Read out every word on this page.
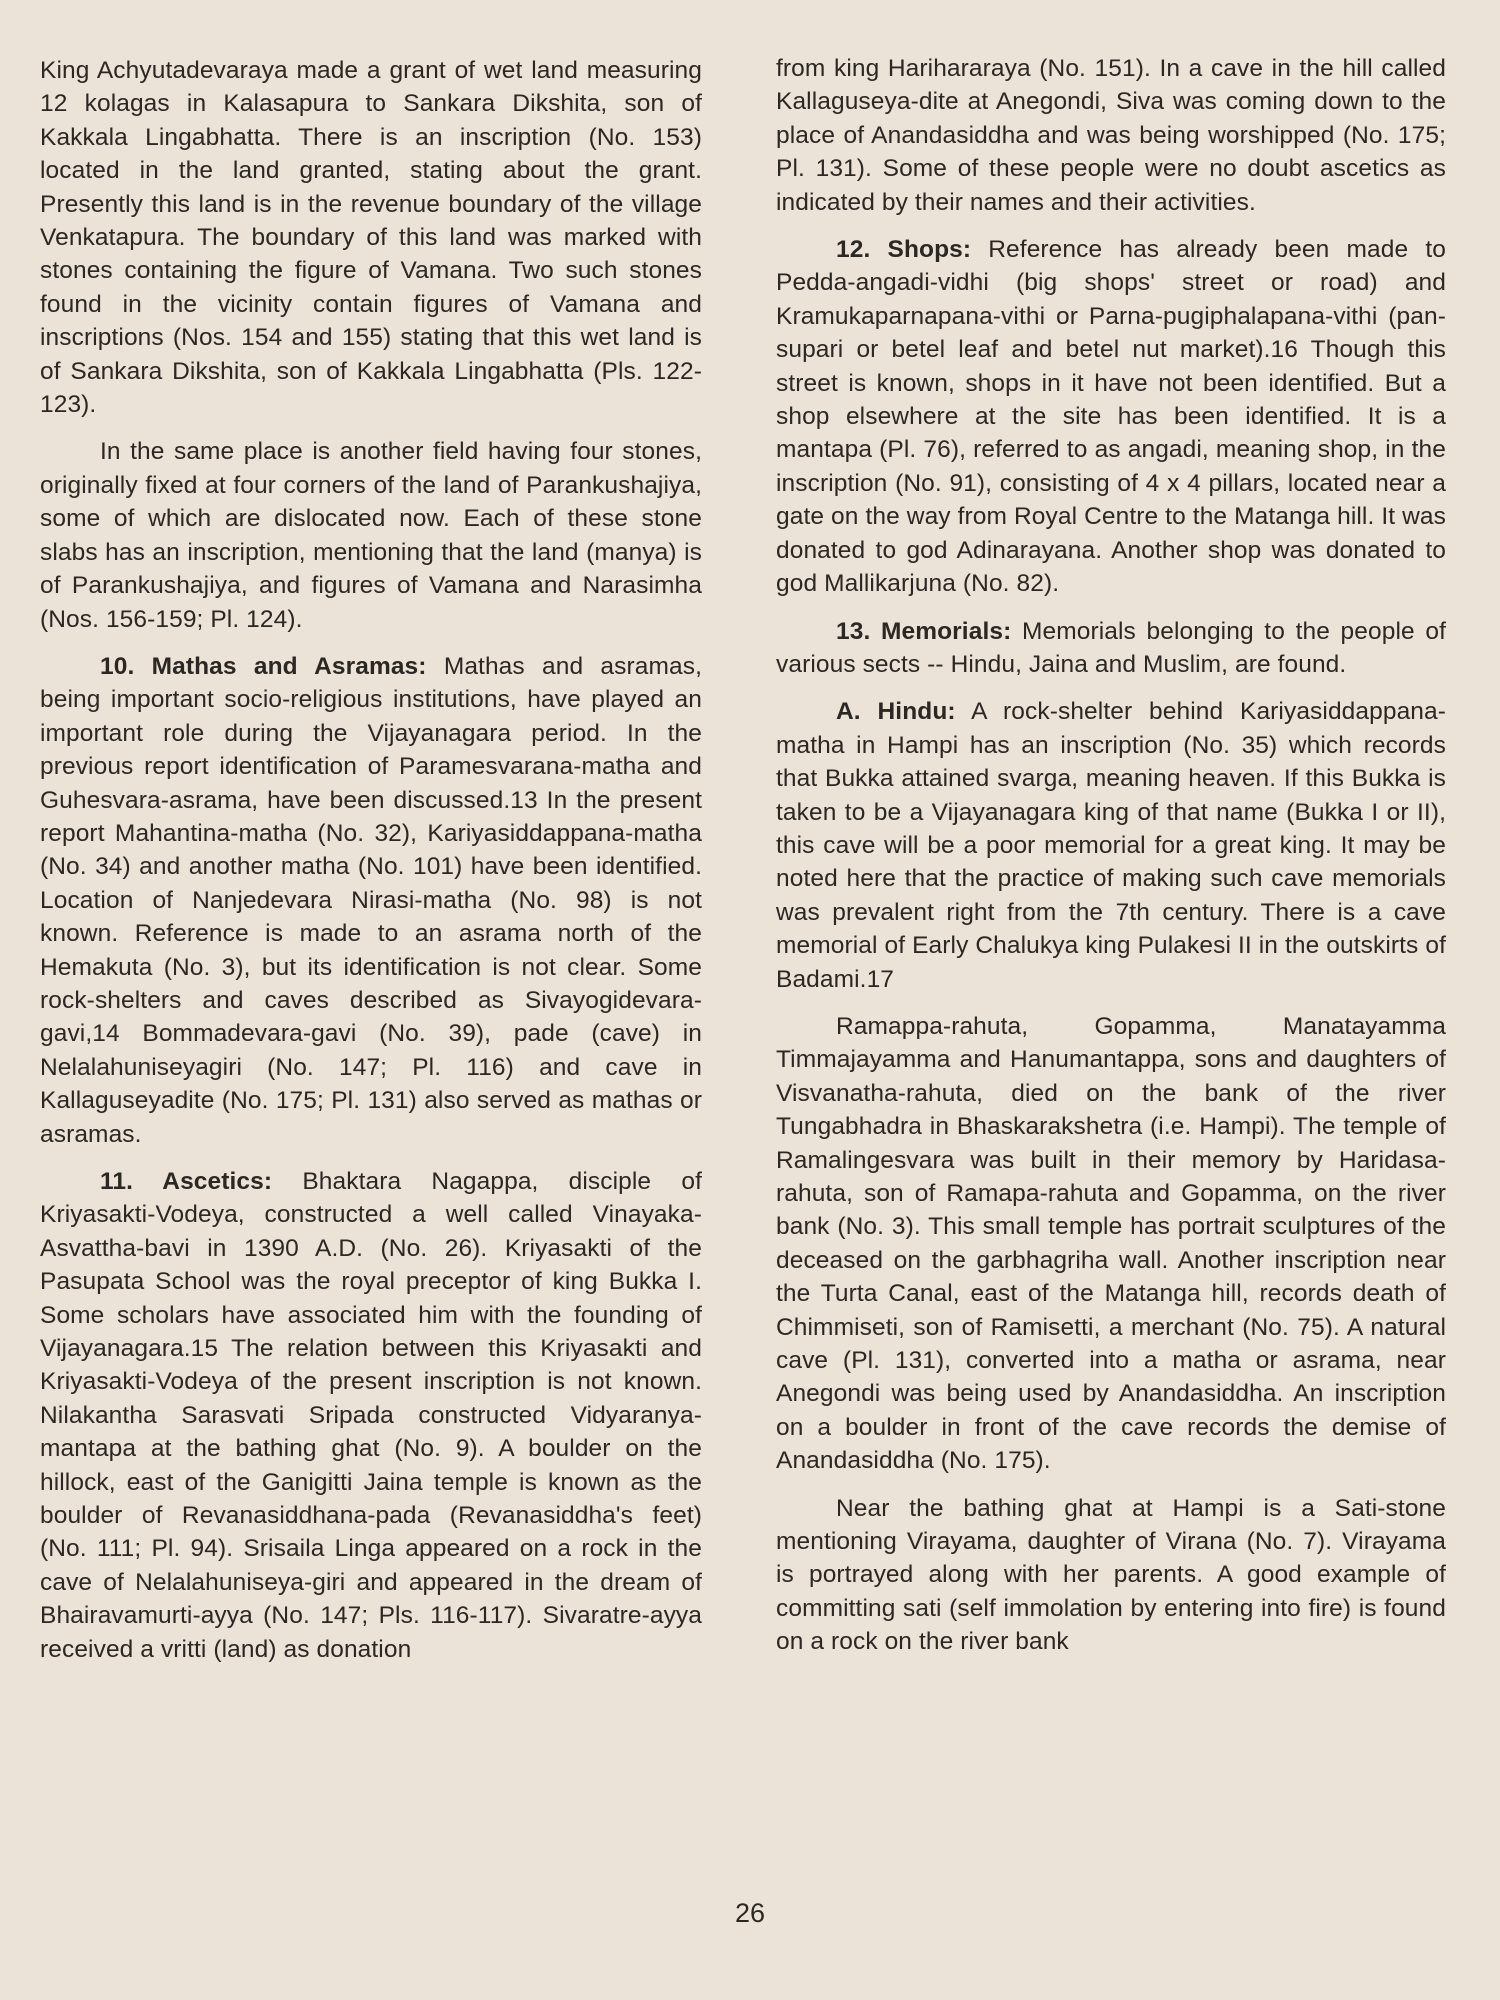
King Achyutadevaraya made a grant of wet land measuring 12 kolagas in Kalasapura to Sankara Dikshita, son of Kakkala Lingabhatta. There is an inscription (No. 153) located in the land granted, stating about the grant. Presently this land is in the revenue boundary of the village Venkatapura. The boundary of this land was marked with stones containing the figure of Vamana. Two such stones found in the vicinity contain figures of Vamana and inscriptions (Nos. 154 and 155) stating that this wet land is of Sankara Dikshita, son of Kakkala Lingabhatta (Pls. 122- 123).

In the same place is another field having four stones, originally fixed at four corners of the land of Parankushajiya, some of which are dislocated now. Each of these stone slabs has an inscription, mentioning that the land (manya) is of Parankushajiya, and figures of Vamana and Narasimha (Nos. 156-159; Pl. 124).

10. Mathas and Asramas: Mathas and asramas, being important socio-religious institutions, have played an important role during the Vijayanagara period. In the previous report identification of Paramesvarana-matha and Guhesvara-asrama, have been discussed.13 In the present report Mahantina-matha (No. 32), Kariyasiddappana-matha (No. 34) and another matha (No. 101) have been identified. Location of Nanjedevara Nirasi-matha (No. 98) is not known. Reference is made to an asrama north of the Hemakuta (No. 3), but its identification is not clear. Some rock-shelters and caves described as Sivayogidevara-gavi,14 Bommadevara-gavi (No. 39), pade (cave) in Nelalahuniseyagiri (No. 147; Pl. 116) and cave in Kallaguseyadite (No. 175; Pl. 131) also served as mathas or asramas.

11. Ascetics: Bhaktara Nagappa, disciple of Kriyasakti-Vodeya, constructed a well called Vinayaka-Asvattha-bavi in 1390 A.D. (No. 26). Kriyasakti of the Pasupata School was the royal preceptor of king Bukka I. Some scholars have associated him with the founding of Vijayanagara.15 The relation between this Kriyasakti and Kriyasakti-Vodeya of the present inscription is not known. Nilakantha Sarasvati Sripada constructed Vidyaranya-mantapa at the bathing ghat (No. 9). A boulder on the hillock, east of the Ganigitti Jaina temple is known as the boulder of Revanasiddhana-pada (Revanasiddha's feet) (No. 111; Pl. 94). Srisaila Linga appeared on a rock in the cave of Nelalahuniseya-giri and appeared in the dream of Bhairavamurti-ayya (No. 147; Pls. 116-117). Sivaratre-ayya received a vritti (land) as donation

from king Harihararaya (No. 151). In a cave in the hill called Kallaguseya-dite at Anegondi, Siva was coming down to the place of Anandasiddha and was being worshipped (No. 175; Pl. 131). Some of these people were no doubt ascetics as indicated by their names and their activities.

12. Shops: Reference has already been made to Pedda-angadi-vidhi (big shops' street or road) and Kramukaparnapana-vithi or Parna-pugiphalapana-vithi (pan-supari or betel leaf and betel nut market).16 Though this street is known, shops in it have not been identified. But a shop elsewhere at the site has been identified. It is a mantapa (Pl. 76), referred to as angadi, meaning shop, in the inscription (No. 91), consisting of 4 x 4 pillars, located near a gate on the way from Royal Centre to the Matanga hill. It was donated to god Adinarayana. Another shop was donated to god Mallikarjuna (No. 82).

13. Memorials: Memorials belonging to the people of various sects -- Hindu, Jaina and Muslim, are found.

A. Hindu: A rock-shelter behind Kariyasiddappana-matha in Hampi has an inscription (No. 35) which records that Bukka attained svarga, meaning heaven. If this Bukka is taken to be a Vijayanagara king of that name (Bukka I or II), this cave will be a poor memorial for a great king. It may be noted here that the practice of making such cave memorials was prevalent right from the 7th century. There is a cave memorial of Early Chalukya king Pulakesi II in the outskirts of Badami.17

Ramappa-rahuta, Gopamma, Manatayamma Timmajayamma and Hanumantappa, sons and daughters of Visvanatha-rahuta, died on the bank of the river Tungabhadra in Bhaskarakshetra (i.e. Hampi). The temple of Ramalingesvara was built in their memory by Haridasa-rahuta, son of Ramapa-rahuta and Gopamma, on the river bank (No. 3). This small temple has portrait sculptures of the deceased on the garbhagriha wall. Another inscription near the Turta Canal, east of the Matanga hill, records death of Chimmiseti, son of Ramisetti, a merchant (No. 75). A natural cave (Pl. 131), converted into a matha or asrama, near Anegondi was being used by Anandasiddha. An inscription on a boulder in front of the cave records the demise of Anandasiddha (No. 175).

Near the bathing ghat at Hampi is a Sati-stone mentioning Virayama, daughter of Virana (No. 7). Virayama is portrayed along with her parents. A good example of committing sati (self immolation by entering into fire) is found on a rock on the river bank

26
